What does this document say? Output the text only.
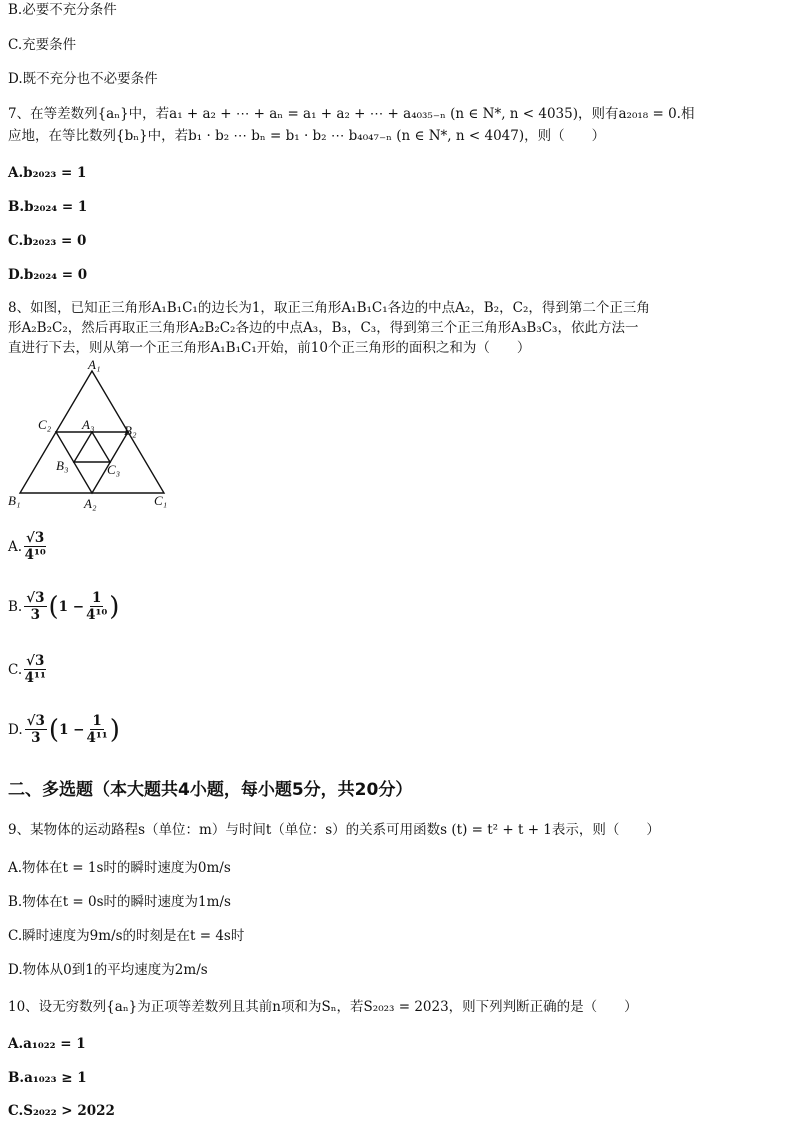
B.必要不充分条件
C.充要条件
D.既不充分也不必要条件
7、在等差数列{aₙ}中，若a₁ + a₂ + ⋯ + aₙ = a₁ + a₂ + ⋯ + a₄₀₃₅₋ₙ (n ∈ N*, n < 4035)，则有a₂₀₁₈ = 0.相
应地，在等比数列{bₙ}中，若b₁ · b₂ ⋯ bₙ = b₁ · b₂ ⋯ b₄₀₄₇₋ₙ (n ∈ N*, n < 4047)，则（　　）
A.b₂₀₂₃ = 1
B.b₂₀₂₄ = 1
C.b₂₀₂₃ = 0
D.b₂₀₂₄ = 0
8、如图，已知正三角形A₁B₁C₁的边长为1，取正三角形A₁B₁C₁各边的中点A₂，B₂，C₂，得到第二个正三角
形A₂B₂C₂，然后再取正三角形A₂B₂C₂各边的中点A₃，B₃，C₃，得到第三个正三角形A₃B₃C₃，依此方法一
直进行下去，则从第一个正三角形A₁B₁C₁开始，前10个正三角形的面积之和为（　　）
A₁
B₁	C₁
C₂	B₂
A₂
A₃
B₃	C₃
A. $\frac{√3}{\text{4¹⁰}}$
B. $\frac{√3}{3}$ ( $1 - \frac{1}{\text{4¹⁰}}$ )
C. $\frac{√3}{\text{4¹¹}}$
D. $\frac{√3}{3}$ ( $1 - \frac{1}{\text{4¹¹}}$ )
二、多选题（本大题共4小题，每小题5分，共20分）
9、某物体的运动路程s（单位：m）与时间t（单位：s）的关系可用函数s (t) = t² + t + 1表示，则（　　）
A.物体在t = 1s时的瞬时速度为0m/s
B.物体在t = 0s时的瞬时速度为1m/s
C.瞬时速度为9m/s的时刻是在t = 4s时
D.物体从0到1的平均速度为2m/s
10、设无穷数列{aₙ}为正项等差数列且其前n项和为Sₙ，若S₂₀₂₃ = 2023，则下列判断正确的是（　　）
A.a₁₀₂₂ = 1
B.a₁₀₂₃ ≥ 1
C.S₂₀₂₂ > 2022
